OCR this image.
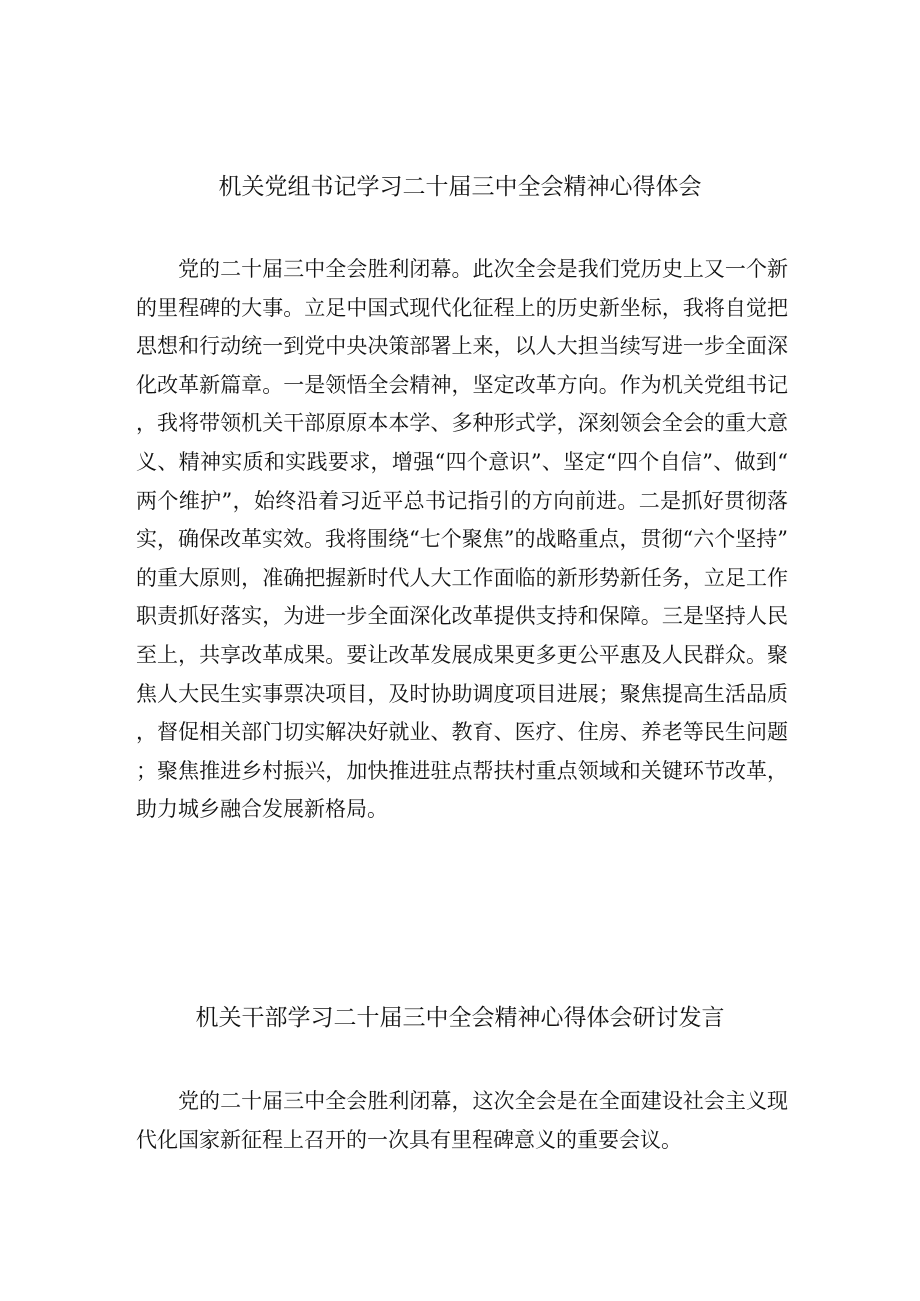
机关党组书记学习二十届三中全会精神心得体会

党的二十届三中全会胜利闭幕。此次全会是我们党历史上又一个新的里程碑的大事。立足中国式现代化征程上的历史新坐标，我将自觉把思想和行动统一到党中央决策部署上来，以人大担当续写进一步全面深化改革新篇章。一是领悟全会精神，坚定改革方向。作为机关党组书记，我将带领机关干部原原本本学、多种形式学，深刻领会全会的重大意义、精神实质和实践要求，增强“四个意识”、坚定“四个自信”、做到“两个维护”，始终沿着习近平总书记指引的方向前进。二是抓好贯彻落实，确保改革实效。我将围绕“七个聚焦”的战略重点，贯彻“六个坚持”的重大原则，准确把握新时代人大工作面临的新形势新任务，立足工作职责抓好落实，为进一步全面深化改革提供支持和保障。三是坚持人民至上，共享改革成果。要让改革发展成果更多更公平惠及人民群众。聚焦人大民生实事票决项目，及时协助调度项目进展；聚焦提高生活品质，督促相关部门切实解决好就业、教育、医疗、住房、养老等民生问题；聚焦推进乡村振兴，加快推进驻点帮扶村重点领域和关键环节改革，助力城乡融合发展新格局。

机关干部学习二十届三中全会精神心得体会研讨发言

党的二十届三中全会胜利闭幕，这次全会是在全面建设社会主义现代化国家新征程上召开的一次具有里程碑意义的重要会议。
